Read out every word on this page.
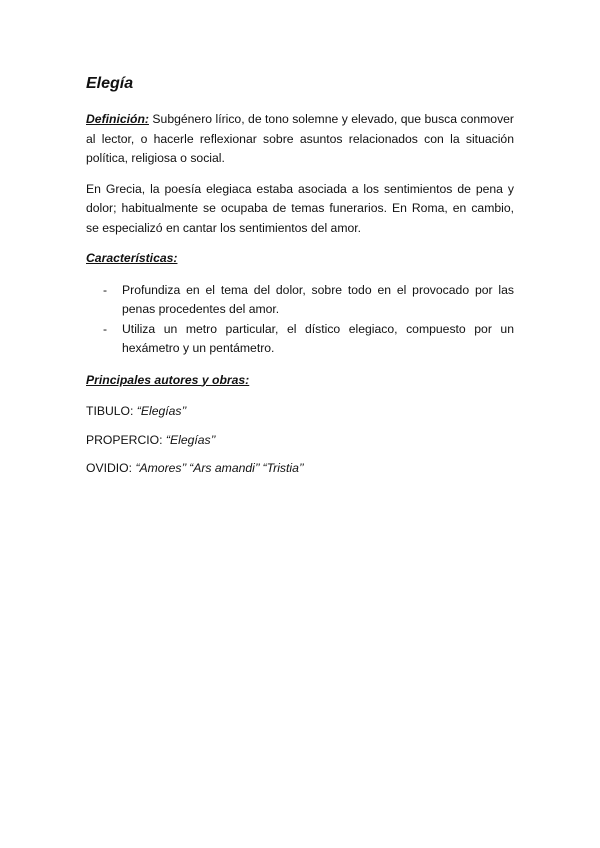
Elegía

Definición: Subgénero lírico, de tono solemne y elevado, que busca conmover al lector, o hacerle reflexionar sobre asuntos relacionados con la situación política, religiosa o social.

En Grecia, la poesía elegiaca estaba asociada a los sentimientos de pena y dolor; habitualmente se ocupaba de temas funerarios. En Roma, en cambio, se especializó en cantar los sentimientos del amor.

Características:
- Profundiza en el tema del dolor, sobre todo en el provocado por las penas procedentes del amor.
- Utiliza un metro particular, el dístico elegiaco, compuesto por un hexámetro y un pentámetro.
Principales autores y obras:
TIBULO: “Elegías’’
PROPERCIO: “Elegías’’
OVIDIO: “Amores’’ “Ars amandi’’ “Tristia’’
